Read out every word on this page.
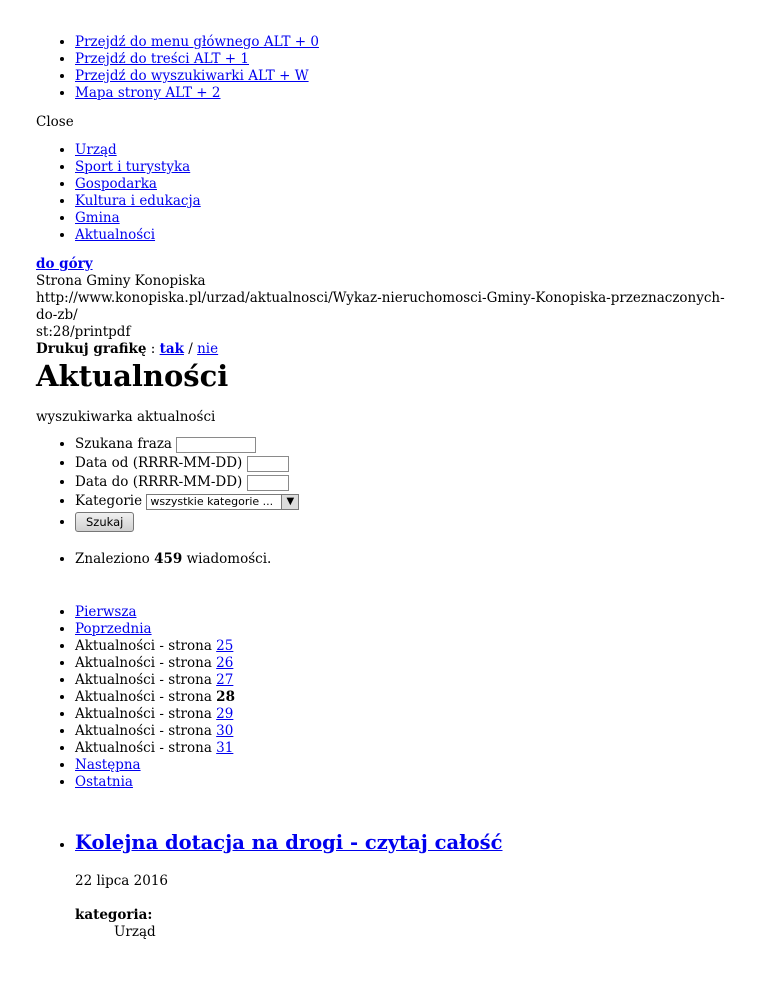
• Przejdź do menu głównego ALT + 0
• Przejdź do treści ALT + 1
• Przejdź do wyszukiwarki ALT + W
• Mapa strony ALT + 2
Close
• Urząd
• Sport i turystyka
• Gospodarka
• Kultura i edukacja
• Gmina
• Aktualności
do góry
Strona Gminy Konopiska
http://www.konopiska.pl/urzad/aktualnosci/Wykaz-nieruchomosci-Gminy-Konopiska-przeznaczonych-do-zb/
st:28/printpdf
Drukuj grafikę : tak / nie
Aktualności
wyszukiwarka aktualności
• Szukana fraza
• Data od (RRRR-MM-DD)
• Data do (RRRR-MM-DD)
• Kategorie wszystkie kategorie ...	▼
• Szukaj
• Znaleziono 459 wiadomości.
• Pierwsza
• Poprzednia
• Aktualności - strona 25
• Aktualności - strona 26
• Aktualności - strona 27
• Aktualności - strona 28
• Aktualności - strona 29
• Aktualności - strona 30
• Aktualności - strona 31
• Następna
• Ostatnia
• Kolejna dotacja na drogi - czytaj całość
22 lipca 2016
kategoria:
Urząd
